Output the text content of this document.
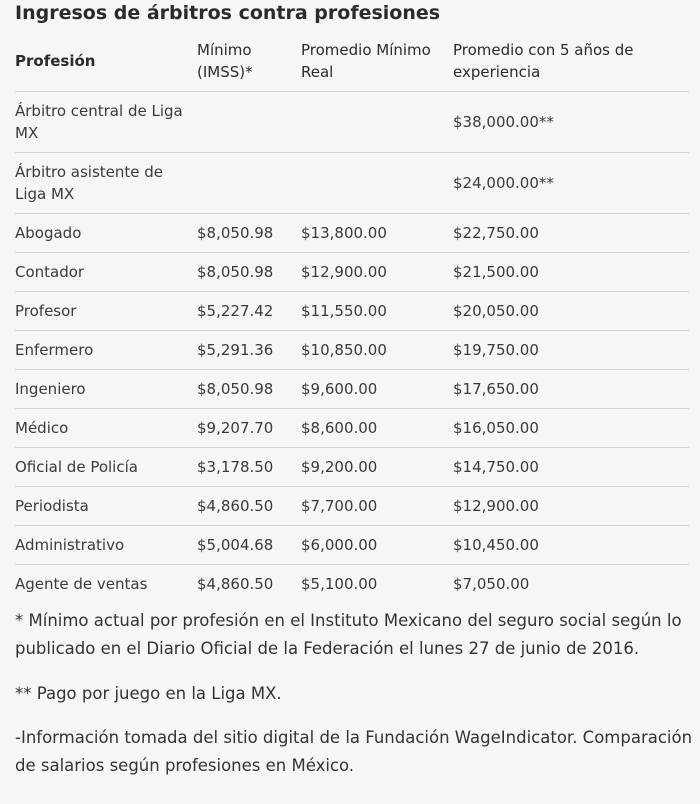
Ingresos de árbitros contra profesiones
Profesión	Mínimo (IMSS)*	Promedio Mínimo Real	Promedio con 5 años de experiencia
Árbitro central de Liga MX			$38,000.00**
Árbitro asistente de Liga MX			$24,000.00**
Abogado	$8,050.98	$13,800.00	$22,750.00
Contador	$8,050.98	$12,900.00	$21,500.00
Profesor	$5,227.42	$11,550.00	$20,050.00
Enfermero	$5,291.36	$10,850.00	$19,750.00
Ingeniero	$8,050.98	$9,600.00	$17,650.00
Médico	$9,207.70	$8,600.00	$16,050.00
Oficial de Policía	$3,178.50	$9,200.00	$14,750.00
Periodista	$4,860.50	$7,700.00	$12,900.00
Administrativo	$5,004.68	$6,000.00	$10,450.00
Agente de ventas	$4,860.50	$5,100.00	$7,050.00

* Mínimo actual por profesión en el Instituto Mexicano del seguro social según lo publicado en el Diario Oficial de la Federación el lunes 27 de junio de 2016.

** Pago por juego en la Liga MX.

-Información tomada del sitio digital de la Fundación WageIndicator. Comparación de salarios según profesiones en México.
